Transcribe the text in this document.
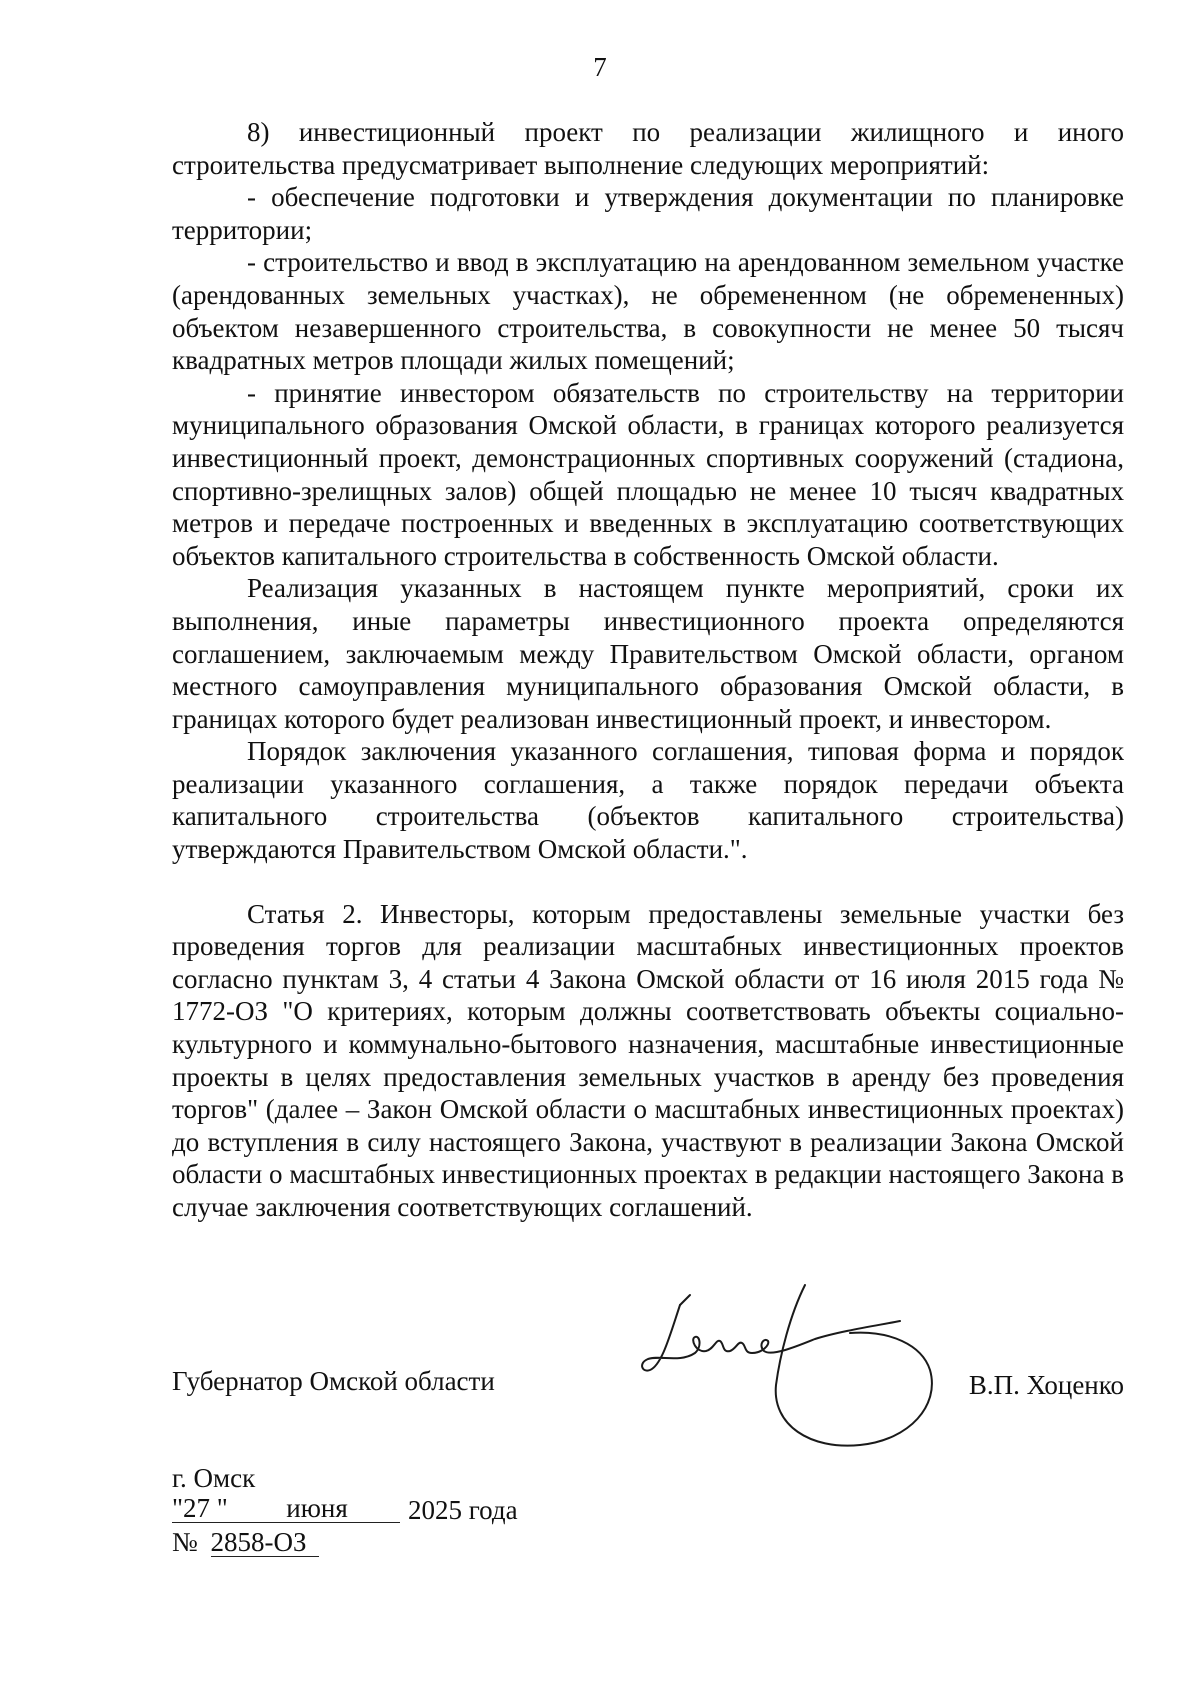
7

8) инвестиционный проект по реализации жилищного и иного строительства предусматривает выполнение следующих мероприятий:

- обеспечение подготовки и утверждения документации по планировке территории;

- строительство и ввод в эксплуатацию на арендованном земельном участке (арендованных земельных участках), не обремененном (не обремененных) объектом незавершенного строительства, в совокупности не менее 50 тысяч квадратных метров площади жилых помещений;

- принятие инвестором обязательств по строительству на территории муниципального образования Омской области, в границах которого реализуется инвестиционный проект, демонстрационных спортивных сооружений (стадиона, спортивно-зрелищных залов) общей площадью не менее 10 тысяч квадратных метров и передаче построенных и введенных в эксплуатацию соответствующих объектов капитального строительства в собственность Омской области.

Реализация указанных в настоящем пункте мероприятий, сроки их выполнения, иные параметры инвестиционного проекта определяются соглашением, заключаемым между Правительством Омской области, органом местного самоуправления муниципального образования Омской области, в границах которого будет реализован инвестиционный проект, и инвестором.

Порядок заключения указанного соглашения, типовая форма и порядок реализации указанного соглашения, а также порядок передачи объекта капитального строительства (объектов капитального строительства) утверждаются Правительством Омской области.".

Статья 2. Инвесторы, которым предоставлены земельные участки без проведения торгов для реализации масштабных инвестиционных проектов согласно пунктам 3, 4 статьи 4 Закона Омской области от 16 июля 2015 года № 1772-ОЗ "О критериях, которым должны соответствовать объекты социально-культурного и коммунально-бытового назначения, масштабные инвестиционные проекты в целях предоставления земельных участков в аренду без проведения торгов" (далее – Закон Омской области о масштабных инвестиционных проектах) до вступления в силу настоящего Закона, участвуют в реализации Закона Омской области о масштабных инвестиционных проектах в редакции настоящего Закона в случае заключения соответствующих соглашений.

Губернатор Омской области	В.П. Хоценко
г. Омск
"27 "	июня	2025 года
№ 2858-ОЗ
